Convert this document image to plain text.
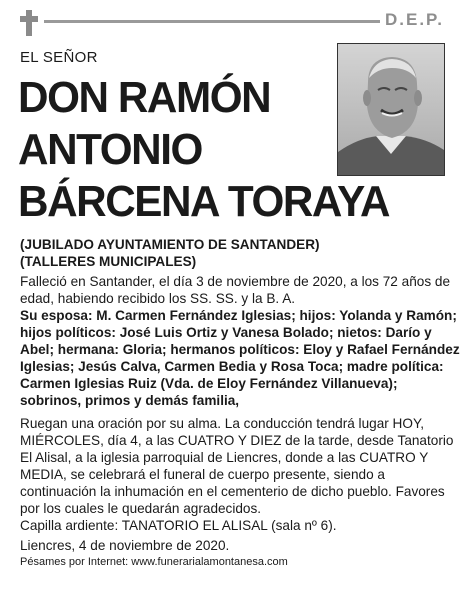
D.E.P.
EL SEÑOR
DON RAMÓN
ANTONIO
BÁRCENA TORAYA

(JUBILADO AYUNTAMIENTO DE SANTANDER)

(TALLERES MUNICIPALES)

Falleció en Santander, el día 3 de noviembre de 2020, a los 72 años de edad, habiendo recibido los SS. SS. y la B. A.

Su esposa: M. Carmen Fernández Iglesias; hijos: Yolanda y Ramón; hijos políticos: José Luis Ortiz y Vanesa Bolado; nietos: Darío y Abel; hermana: Gloria; hermanos políticos: Eloy y Rafael Fernández Iglesias; Jesús Calva, Carmen Bedia y Rosa Toca; madre política: Carmen Iglesias Ruiz (Vda. de Eloy Fernández Villanueva); sobrinos, primos y demás familia,

Ruegan una oración por su alma. La conducción tendrá lugar HOY, MIÉRCOLES, día 4, a las CUATRO Y DIEZ de la tarde, desde Tanatorio El Alisal, a la iglesia parroquial de Liencres, donde a las CUATRO Y MEDIA, se celebrará el funeral de cuerpo presente, siendo a continuación la inhumación en el cementerio de dicho pueblo. Favores por los cuales le quedarán agradecidos.

Capilla ardiente: TANATORIO EL ALISAL (sala nº 6).

Liencres, 4 de noviembre de 2020.

Pésames por Internet: www.funerarialamontanesa.com
